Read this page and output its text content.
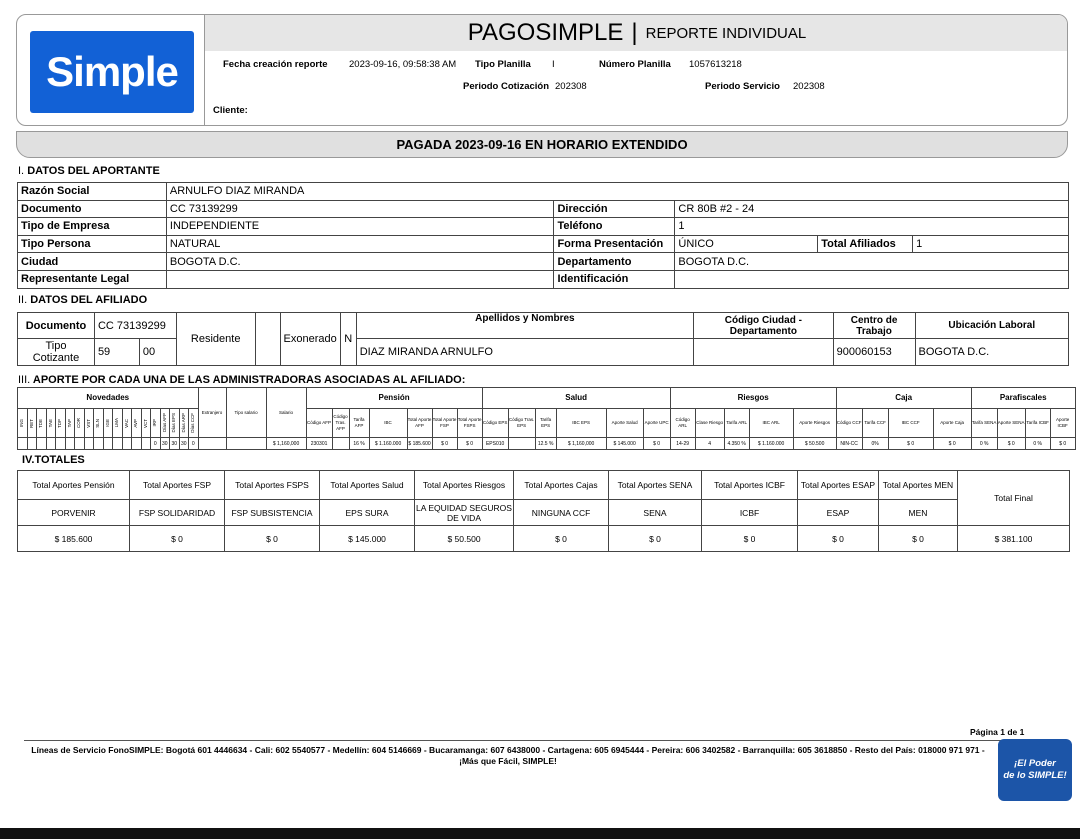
Simple
PAGOSIMPLE | REPORTE INDIVIDUAL
Fecha creación reporte 2023-09-16, 09:58:38 AM Tipo Planilla I	Número Planilla 1057613218
Periodo Cotización 202308	Periodo Servicio 202308
Cliente:
PAGADA 2023-09-16 EN HORARIO EXTENDIDO
I. DATOS DEL APORTANTE
Razón Social	ARNULFO DIAZ MIRANDA				
Documento	CC 73139299	Dirección	CR 80B #2 - 24		
Tipo de Empresa	INDEPENDIENTE	Teléfono	1		
Tipo Persona	NATURAL	Forma Presentación	ÚNICO	Total Afiliados	1
Ciudad	BOGOTA D.C.	Departamento	BOGOTA D.C.		
Representante Legal		Identificación			
II. DATOS DEL AFILIADO
Documento	CC 73139299		Residente		Exonerado	N	Apellidos y Nombres	Código Ciudad - Departamento	Centro de Trabajo	Ubicación Laboral
Tipo Cotizante	59	00					DIAZ MIRANDA ARNULFO		900060153	BOGOTA D.C.
III. APORTE POR CADA UNA DE LAS ADMINISTRADORAS ASOCIADAS AL AFILIADO:
Novedades																			Extranjero	Tipo salario	Salario	Pensión							Salud						Riesgos					Caja				Parafiscales			

ING	RET	TDE	TAE	TDP	TAP	COR	VST	SLN	IGE	LMA	VAC	AVP	VCT	IRP	Días AFP	Días EPS	Días ARP	Días CCF				Código AFP	Código Tras. AFP	Tarifa AFP	IBC	Total Aporte AFP	Total Aporte FSP	Total Aporte FSPS	Código EPS	Código Tras. EPS	Tarifa EPS	IBC EPS	Aporte Salud	Aporte UPC	Código ARL	Clase Riesgo	Tarifa ARL	IBC ARL	Aporte Riesgos	Código CCF	Tarifa CCF	IBC CCF	Aporte Caja	Tarifa SENA	Aporte SENA	Tarifa ICBF	Aporte ICBF
														0	30	30	30	0			$ 1,160,000	230301		16 %	$ 1.160.000	$ 185.600	$ 0	$ 0	EPS010		12.5 %	$ 1,160,000	$ 145.000	$ 0	14-29	4	4.350 %	$ 1.160.000	$ 50.500	NIN-CC	0%	$ 0	$ 0	0 %	$ 0	0 %	$ 0
IV.TOTALES
Total Aportes Pensión	Total Aportes FSP	Total Aportes FSPS	Total Aportes Salud	Total Aportes Riesgos	Total Aportes Cajas	Total Aportes SENA	Total Aportes ICBF	Total Aportes ESAP	Total Aportes MEN	Total Final
PORVENIR	FSP SOLIDARIDAD	FSP SUBSISTENCIA	EPS SURA	LA EQUIDAD SEGUROS DE VIDA	NINGUNA CCF	SENA	ICBF	ESAP	MEN	
$ 185.600	$ 0	$ 0	$ 145.000	$ 50.500	$ 0	$ 0	$ 0	$ 0	$ 0	$ 381.100
Página 1 de 1
Líneas de Servicio FonoSIMPLE: Bogotá 601 4446634 - Cali: 602 5540577 - Medellín: 604 5146669 - Bucaramanga: 607 6438000 - Cartagena: 605 6945444 - Pereira: 606 3402582 - Barranquilla: 605 3618850 - Resto del País: 018000 971 971 - ¡Más que Fácil, SIMPLE!	¡El Poder
de lo SIMPLE!
